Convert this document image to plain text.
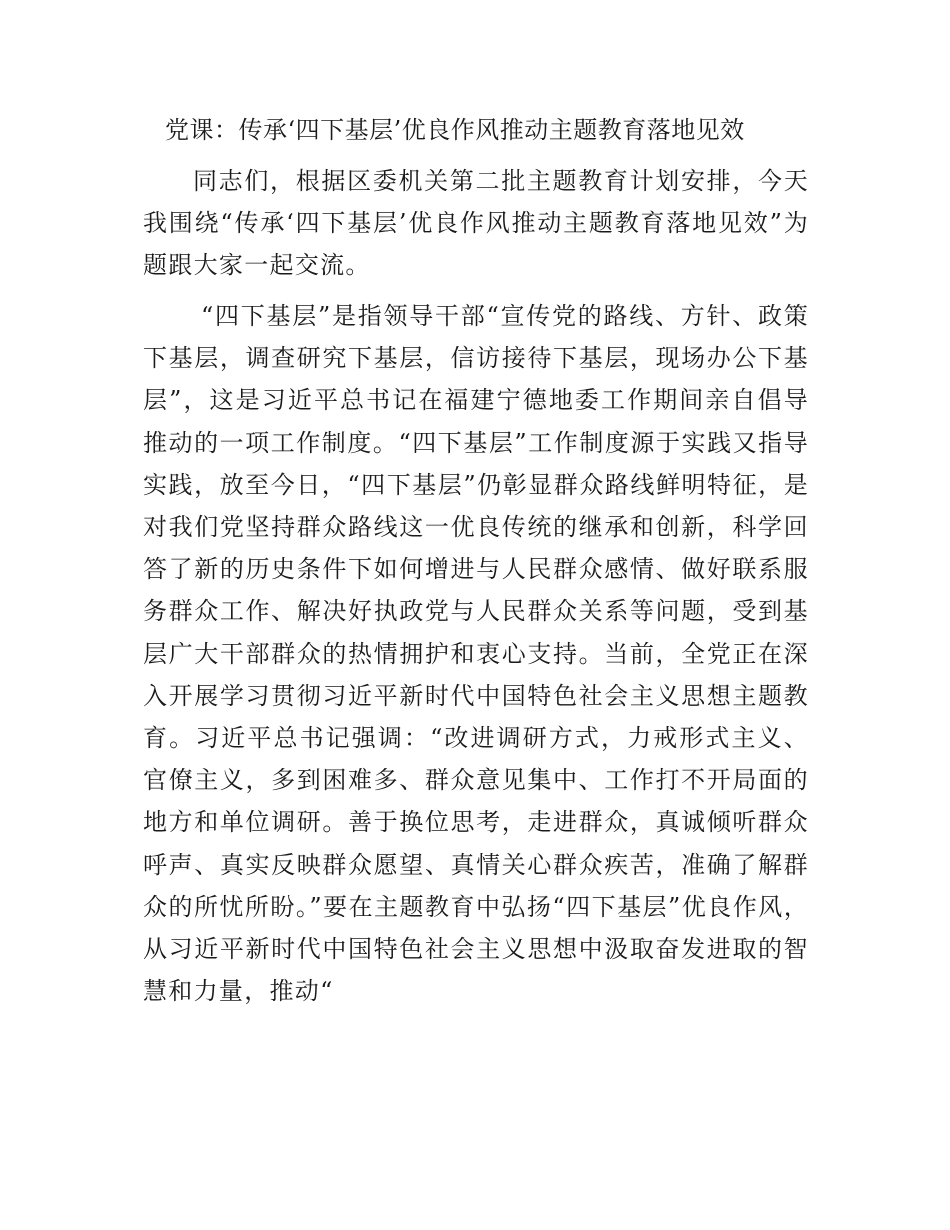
党课：传承‘四下基层’优良作风推动主题教育落地见效

同志们，根据区委机关第二批主题教育计划安排，今天我围绕“传承‘四下基层’优良作风推动主题教育落地见效”为题跟大家一起交流。

“四下基层”是指领导干部“宣传党的路线、方针、政策下基层，调查研究下基层，信访接待下基层，现场办公下基层”，这是习近平总书记在福建宁德地委工作期间亲自倡导推动的一项工作制度。“四下基层”工作制度源于实践又指导实践，放至今日，“四下基层”仍彰显群众路线鲜明特征，是对我们党坚持群众路线这一优良传统的继承和创新，科学回答了新的历史条件下如何增进与人民群众感情、做好联系服务群众工作、解决好执政党与人民群众关系等问题，受到基层广大干部群众的热情拥护和衷心支持。当前，全党正在深入开展学习贯彻习近平新时代中国特色社会主义思想主题教育。习近平总书记强调：“改进调研方式，力戒形式主义、官僚主义，多到困难多、群众意见集中、工作打不开局面的地方和单位调研。善于换位思考，走进群众，真诚倾听群众呼声、真实反映群众愿望、真情关心群众疾苦，准确了解群众的所忧所盼。”要在主题教育中弘扬“四下基层”优良作风，从习近平新时代中国特色社会主义思想中汲取奋发进取的智慧和力量，推动“
